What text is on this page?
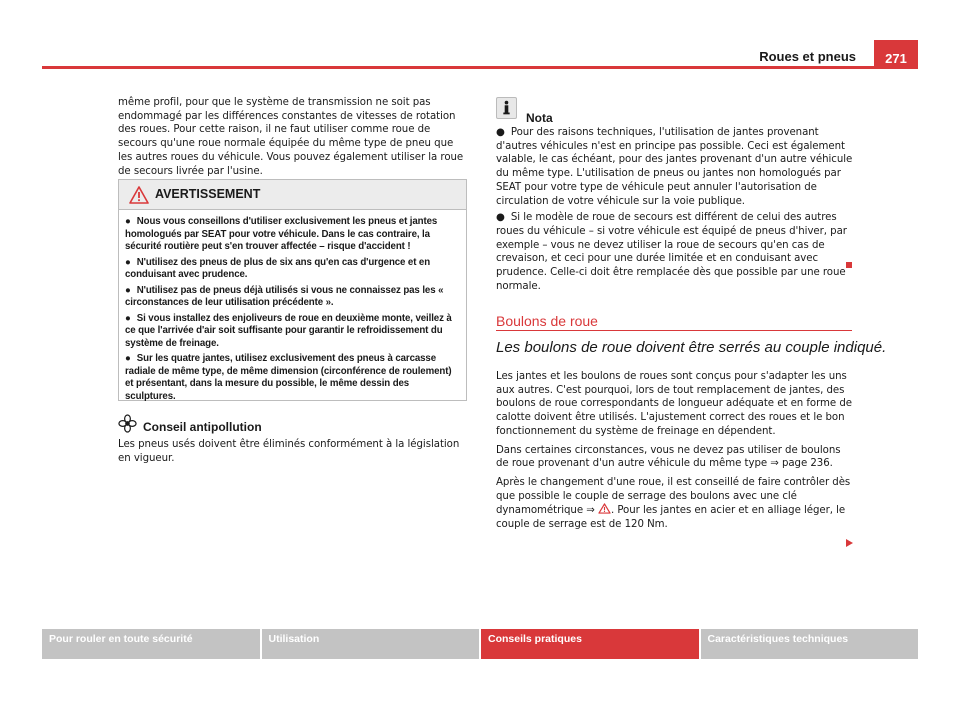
Roues et pneus	271

même profil, pour que le système de transmission ne soit pas endommagé par les différences constantes de vitesses de rotation des roues. Pour cette raison, il ne faut utiliser comme roue de secours qu'une roue normale équipée du même type de pneu que les autres roues du véhicule. Vous pouvez également utiliser la roue de secours livrée par l'usine.

AVERTISSEMENT

● Nous vous conseillons d'utiliser exclusivement les pneus et jantes homologués par SEAT pour votre véhicule. Dans le cas contraire, la sécurité routière peut s'en trouver affectée – risque d'accident !

● N'utilisez des pneus de plus de six ans qu'en cas d'urgence et en conduisant avec prudence.

● N'utilisez pas de pneus déjà utilisés si vous ne connaissez pas les « circonstances de leur utilisation précédente ».

● Si vous installez des enjoliveurs de roue en deuxième monte, veillez à ce que l'arrivée d'air soit suffisante pour garantir le refroidissement du système de freinage.

● Sur les quatre jantes, utilisez exclusivement des pneus à carcasse radiale de même type, de même dimension (circonférence de roulement) et présentant, dans la mesure du possible, le même dessin des sculptures.

Conseil antipollution

Les pneus usés doivent être éliminés conformément à la législation en vigueur.

Nota

● Pour des raisons techniques, l'utilisation de jantes provenant d'autres véhicules n'est en principe pas possible. Ceci est également valable, le cas échéant, pour des jantes provenant d'un autre véhicule du même type. L'utilisation de pneus ou jantes non homologués par SEAT pour votre type de véhicule peut annuler l'autorisation de circulation de votre véhicule sur la voie publique.

● Si le modèle de roue de secours est différent de celui des autres roues du véhicule – si votre véhicule est équipé de pneus d'hiver, par exemple – vous ne devez utiliser la roue de secours qu'en cas de crevaison, et ceci pour une durée limitée et en conduisant avec prudence. Celle-ci doit être remplacée dès que possible par une roue normale.

Boulons de roue
Les boulons de roue doivent être serrés au couple indiqué.

Les jantes et les boulons de roues sont conçus pour s'adapter les uns aux autres. C'est pourquoi, lors de tout remplacement de jantes, des boulons de roue correspondants de longueur adéquate et en forme de calotte doivent être utilisés. L'ajustement correct des roues et le bon fonctionnement du système de freinage en dépendent.

Dans certaines circonstances, vous ne devez pas utiliser de boulons de roue provenant d'un autre véhicule du même type ⇒ page 236.

Après le changement d'une roue, il est conseillé de faire contrôler dès que possible le couple de serrage des boulons avec une clé dynamométrique ⇒ . Pour les jantes en acier et en alliage léger, le couple de serrage est de 120 Nm.

Pour rouler en toute sécurité	Utilisation	Conseils pratiques	Caractéristiques techniques
